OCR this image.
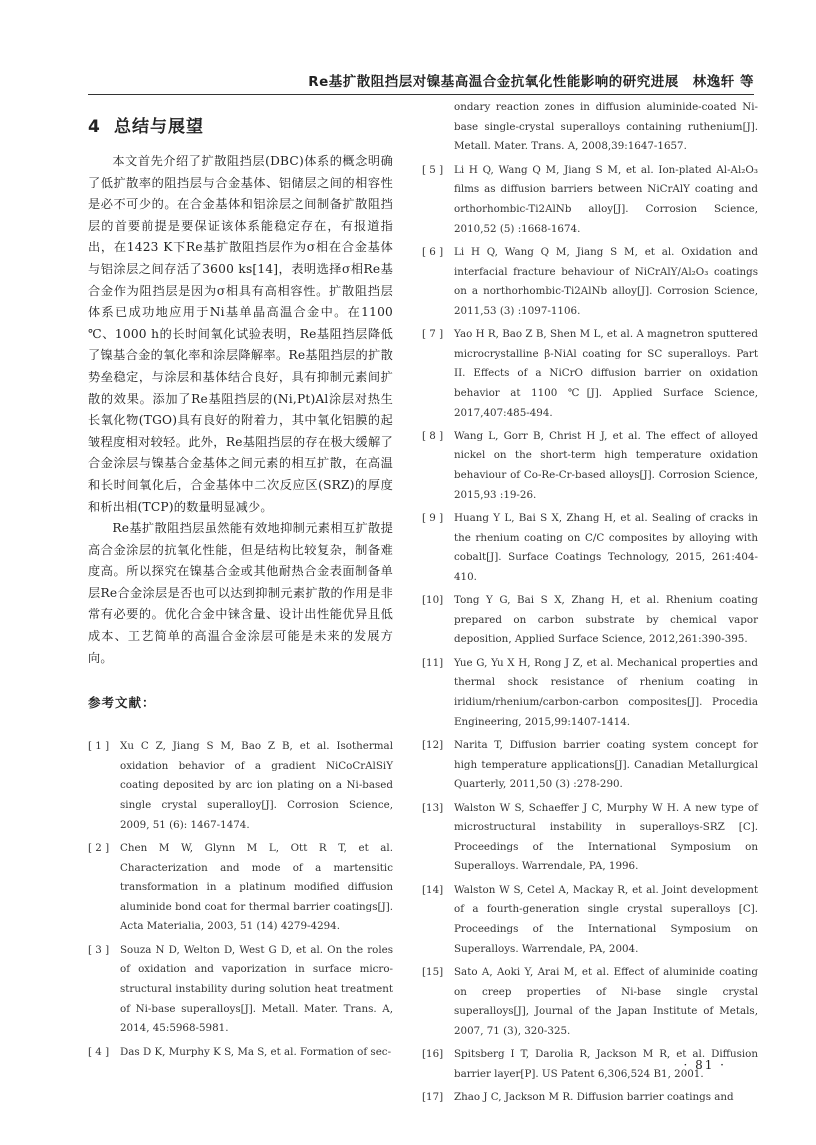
Re基扩散阻挡层对镍基高温合金抗氧化性能影响的研究进展　林逸轩 等
4 总结与展望

本文首先介绍了扩散阻挡层(DBC)体系的概念明确了低扩散率的阻挡层与合金基体、铝储层之间的相容性是必不可少的。在合金基体和铝涂层之间制备扩散阻挡层的首要前提是要保证该体系能稳定存在，有报道指出，在1423 K下Re基扩散阻挡层作为σ相在合金基体与铝涂层之间存活了3600 ks[14]，表明选择σ相Re基合金作为阻挡层是因为σ相具有高相容性。扩散阻挡层体系已成功地应用于Ni基单晶高温合金中。在1100 ℃、1000 h的长时间氧化试验表明，Re基阻挡层降低了镍基合金的氧化率和涂层降解率。Re基阻挡层的扩散势垒稳定，与涂层和基体结合良好，具有抑制元素间扩散的效果。添加了Re基阻挡层的(Ni,Pt)Al涂层对热生长氧化物(TGO)具有良好的附着力，其中氧化铝膜的起皱程度相对较轻。此外，Re基阻挡层的存在极大缓解了合金涂层与镍基合金基体之间元素的相互扩散，在高温和长时间氧化后，合金基体中二次反应区(SRZ)的厚度和析出相(TCP)的数量明显减少。

Re基扩散阻挡层虽然能有效地抑制元素相互扩散提高合金涂层的抗氧化性能，但是结构比较复杂，制备难度高。所以探究在镍基合金或其他耐热合金表面制备单层Re合金涂层是否也可以达到抑制元素扩散的作用是非常有必要的。优化合金中铼含量、设计出性能优异且低成本、工艺简单的高温合金涂层可能是未来的发展方向。

参考文献：
[ 1 ] Xu C Z, Jiang S M, Bao Z B, et al. Isothermal oxidation behavior of a gradient NiCoCrAlSiY coating deposited by arc ion plating on a Ni-based single crystal superalloy[J]. Corrosion Science, 2009, 51 (6): 1467-1474.
[ 2 ] Chen M W, Glynn M L, Ott R T, et al. Characterization and mode of a martensitic transformation in a platinum modified diffusion aluminide bond coat for thermal barrier coatings[J]. Acta Materialia, 2003, 51 (14) 4279-4294.
[ 3 ] Souza N D, Welton D, West G D, et al. On the roles of oxidation and vaporization in surface micro-structural instability during solution heat treatment of Ni-base superalloys[J]. Metall. Mater. Trans. A, 2014, 45:5968-5981.
[ 4 ] Das D K, Murphy K S, Ma S, et al. Formation of sec-
ondary reaction zones in diffusion aluminide-coated Ni-base single-crystal superalloys containing ruthenium[J]. Metall. Mater. Trans. A, 2008,39:1647-1657.
[ 5 ] Li H Q, Wang Q M, Jiang S M, et al. Ion-plated Al-Al₂O₃ films as diffusion barriers between NiCrAlY coating and orthorhombic-Ti2AlNb alloy[J]. Corrosion Science, 2010,52 (5) :1668-1674.
[ 6 ] Li H Q, Wang Q M, Jiang S M, et al. Oxidation and interfacial fracture behaviour of NiCrAlY/Al₂O₃ coatings on a northorhombic-Ti2AlNb alloy[J]. Corrosion Science, 2011,53 (3) :1097-1106.
[ 7 ] Yao H R, Bao Z B, Shen M L, et al. A magnetron sputtered microcrystalline β-NiAl coating for SC superalloys. Part II. Effects of a NiCrO diffusion barrier on oxidation behavior at 1100 ℃[J]. Applied Surface Science, 2017,407:485-494.
[ 8 ] Wang L, Gorr B, Christ H J, et al. The effect of alloyed nickel on the short-term high temperature oxidation behaviour of Co-Re-Cr-based alloys[J]. Corrosion Science, 2015,93 :19-26.
[ 9 ] Huang Y L, Bai S X, Zhang H, et al. Sealing of cracks in the rhenium coating on C/C composites by alloying with cobalt[J]. Surface Coatings Technology, 2015, 261:404-410.
[10] Tong Y G, Bai S X, Zhang H, et al. Rhenium coating prepared on carbon substrate by chemical vapor deposition, Applied Surface Science, 2012,261:390-395.
[11] Yue G, Yu X H, Rong J Z, et al. Mechanical properties and thermal shock resistance of rhenium coating in iridium/rhenium/carbon-carbon composites[J]. Procedia Engineering, 2015,99:1407-1414.
[12] Narita T, Diffusion barrier coating system concept for high temperature applications[J]. Canadian Metallurgical Quarterly, 2011,50 (3) :278-290.
[13] Walston W S, Schaeffer J C, Murphy W H. A new type of microstructural instability in superalloys-SRZ [C]. Proceedings of the International Symposium on Superalloys. Warrendale, PA, 1996.
[14] Walston W S, Cetel A, Mackay R, et al. Joint development of a fourth-generation single crystal superalloys [C]. Proceedings of the International Symposium on Superalloys. Warrendale, PA, 2004.
[15] Sato A, Aoki Y, Arai M, et al. Effect of aluminide coating on creep properties of Ni-base single crystal superalloys[J], Journal of the Japan Institute of Metals, 2007, 71 (3), 320-325.
[16] Spitsberg I T, Darolia R, Jackson M R, et al. Diffusion barrier layer[P]. US Patent 6,306,524 B1, 2001.
[17] Zhao J C, Jackson M R. Diffusion barrier coatings and
· 81 ·
